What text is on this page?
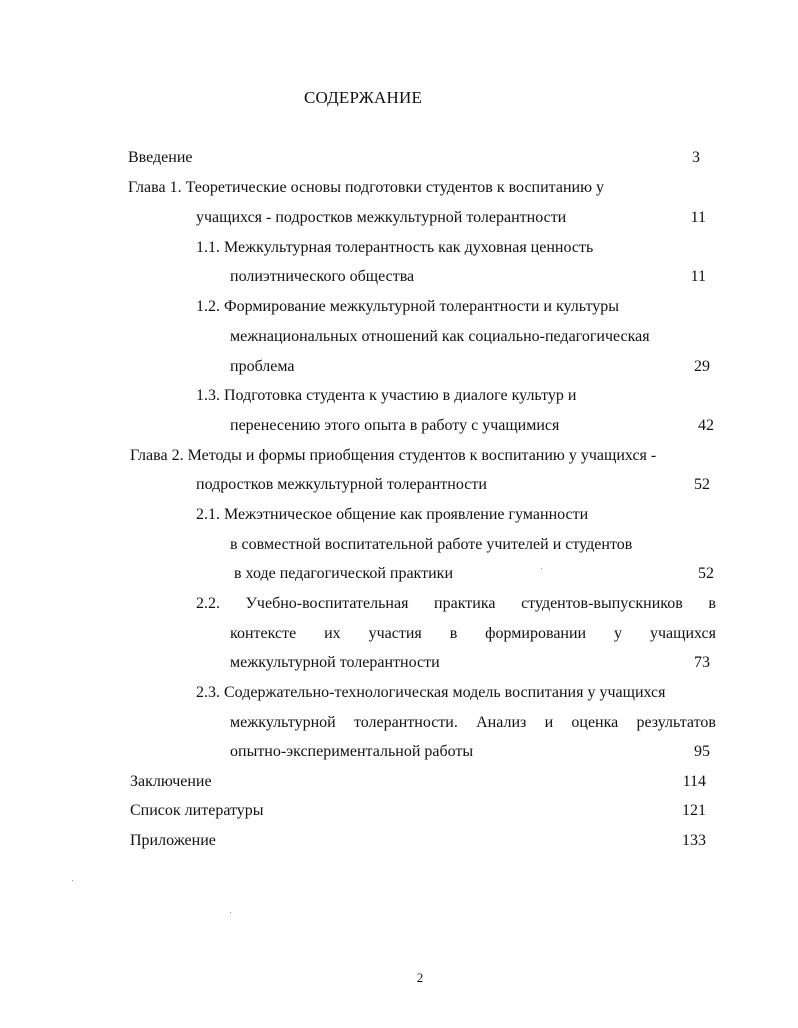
СОДЕРЖАНИЕ
Введение	3
Глава 1. Теоретические основы подготовки студентов к воспитанию у
учащихся - подростков межкультурной толерантности	11
1.1. Межкультурная толерантность как духовная ценность
полиэтнического общества	11
1.2. Формирование межкультурной толерантности и культуры
межнациональных отношений как социально-педагогическая
проблема	29
1.3. Подготовка студента к участию в диалоге культур и
перенесению этого опыта в работу с учащимися	42
Глава 2. Методы и формы приобщения студентов к воспитанию у учащихся -
подростков межкультурной толерантности	52
2.1. Межэтническое общение как проявление гуманности
в совместной воспитательной работе учителей и студентов
в ходе педагогической практики	52
2.2. Учебно-воспитательная практика студентов-выпускников в
контексте их участия в формировании у учащихся
межкультурной толерантности	73
2.3. Содержательно-технологическая модель воспитания у учащихся
межкультурной толерантности. Анализ и оценка результатов
опытно-экспериментальной работы	95
Заключение	114
Список литературы	121
Приложение	133
2
